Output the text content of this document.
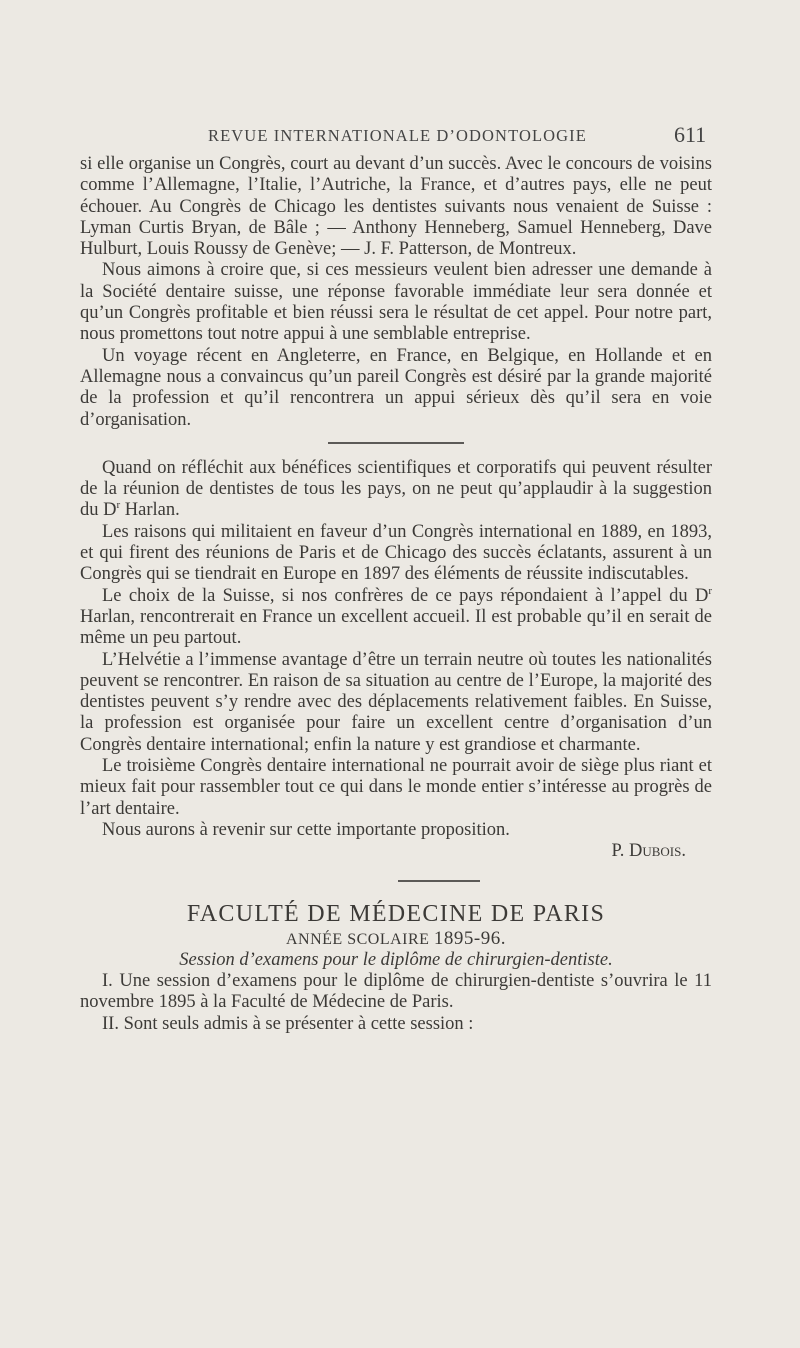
REVUE INTERNATIONALE D’ODONTOLOGIE	611

si elle organise un Congrès, court au devant d’un succès. Avec le concours de voisins comme l’Allemagne, l’Italie, l’Autriche, la France, et d’autres pays, elle ne peut échouer. Au Congrès de Chicago les dentistes suivants nous venaient de Suisse : Lyman Curtis Bryan, de Bâle ; — Anthony Henneberg, Samuel Henneberg, Dave Hulburt, Louis Roussy de Genève; — J. F. Patterson, de Montreux.

Nous aimons à croire que, si ces messieurs veulent bien adresser une demande à la Société dentaire suisse, une réponse favorable immédiate leur sera donnée et qu’un Congrès profitable et bien réussi sera le résultat de cet appel. Pour notre part, nous promettons tout notre appui à une semblable entreprise.

Un voyage récent en Angleterre, en France, en Belgique, en Hollande et en Allemagne nous a convaincus qu’un pareil Congrès est désiré par la grande majorité de la profession et qu’il rencontrera un appui sérieux dès qu’il sera en voie d’organisation.

Quand on réfléchit aux bénéfices scientifiques et corporatifs qui peuvent résulter de la réunion de dentistes de tous les pays, on ne peut qu’applaudir à la suggestion du $D^r$ Harlan.

Les raisons qui militaient en faveur d’un Congrès international en 1889, en 1893, et qui firent des réunions de Paris et de Chicago des succès éclatants, assurent à un Congrès qui se tiendrait en Europe en 1897 des éléments de réussite indiscutables.

Le choix de la Suisse, si nos confrères de ce pays répondaient à l’appel du $D^r$ Harlan, rencontrerait en France un excellent accueil. Il est probable qu’il en serait de même un peu partout.

L’Helvétie a l’immense avantage d’être un terrain neutre où toutes les nationalités peuvent se rencontrer. En raison de sa situation au centre de l’Europe, la majorité des dentistes peuvent s’y rendre avec des déplacements relativement faibles. En Suisse, la profession est organisée pour faire un excellent centre d’organisation d’un Congrès dentaire international; enfin la nature y est grandiose et charmante.

Le troisième Congrès dentaire international ne pourrait avoir de siège plus riant et mieux fait pour rassembler tout ce qui dans le monde entier s’intéresse au progrès de l’art dentaire.

Nous aurons à revenir sur cette importante proposition.

P. Dubois.

FACULTÉ DE MÉDECINE DE PARIS

ANNÉE SCOLAIRE 1895-96.

Session d’examens pour le diplôme de chirurgien-dentiste.

I. Une session d’examens pour le diplôme de chirurgien-dentiste s’ouvrira le 11 novembre 1895 à la Faculté de Médecine de Paris.

II. Sont seuls admis à se présenter à cette session :
